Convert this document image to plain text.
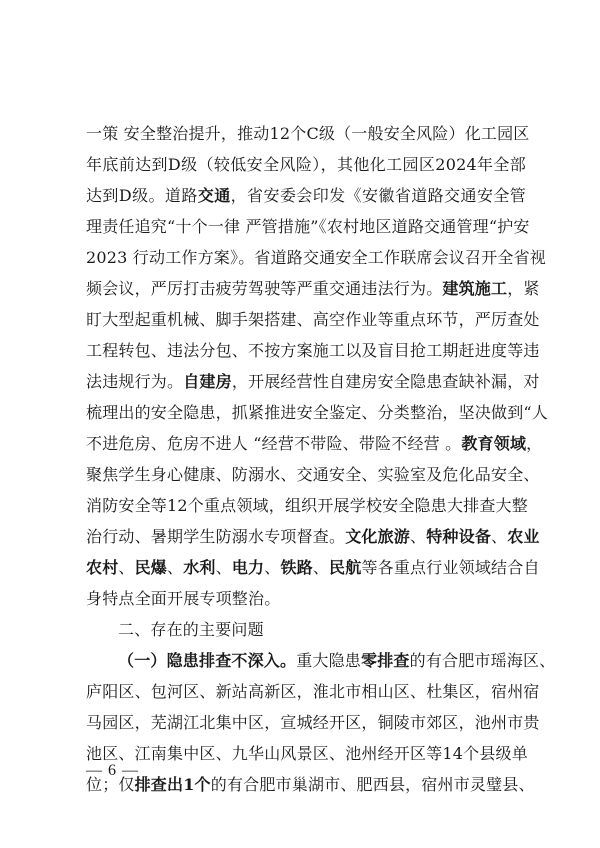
一策 安全整治提升，推动12个C级（一般安全风险）化工园区
年底前达到D级（较低安全风险），其他化工园区2024年全部
达到D级。道路交通，省安委会印发《安徽省道路交通安全管
理责任追究“十个一律 严管措施”《农村地区道路交通管理“护安
2023 行动工作方案》。省道路交通安全工作联席会议召开全省视
频会议，严厉打击疲劳驾驶等严重交通违法行为。建筑施工，紧
盯大型起重机械、脚手架搭建、高空作业等重点环节，严厉查处
工程转包、违法分包、不按方案施工以及盲目抢工期赶进度等违
法违规行为。自建房，开展经营性自建房安全隐患查缺补漏，对
梳理出的安全隐患，抓紧推进安全鉴定、分类整治，坚决做到“人
不进危房、危房不进人 “经营不带险、带险不经营 。教育领域，
聚焦学生身心健康、防溺水、交通安全、实验室及危化品安全、
消防安全等12个重点领域，组织开展学校安全隐患大排查大整
治行动、暑期学生防溺水专项督查。文化旅游、特种设备、农业
农村、民爆、水利、电力、铁路、民航等各重点行业领域结合自
身特点全面开展专项整治。
二、存在的主要问题
（一）隐患排查不深入。重大隐患零排查的有合肥市瑶海区、
庐阳区、包河区、新站高新区，淮北市相山区、杜集区，宿州宿
马园区，芜湖江北集中区，宣城经开区，铜陵市郊区，池州市贵
池区、江南集中区、九华山风景区、池州经开区等14个县级单
位；仅排查出1个的有合肥市巢湖市、肥西县，宿州市灵璧县、
— 6 —
